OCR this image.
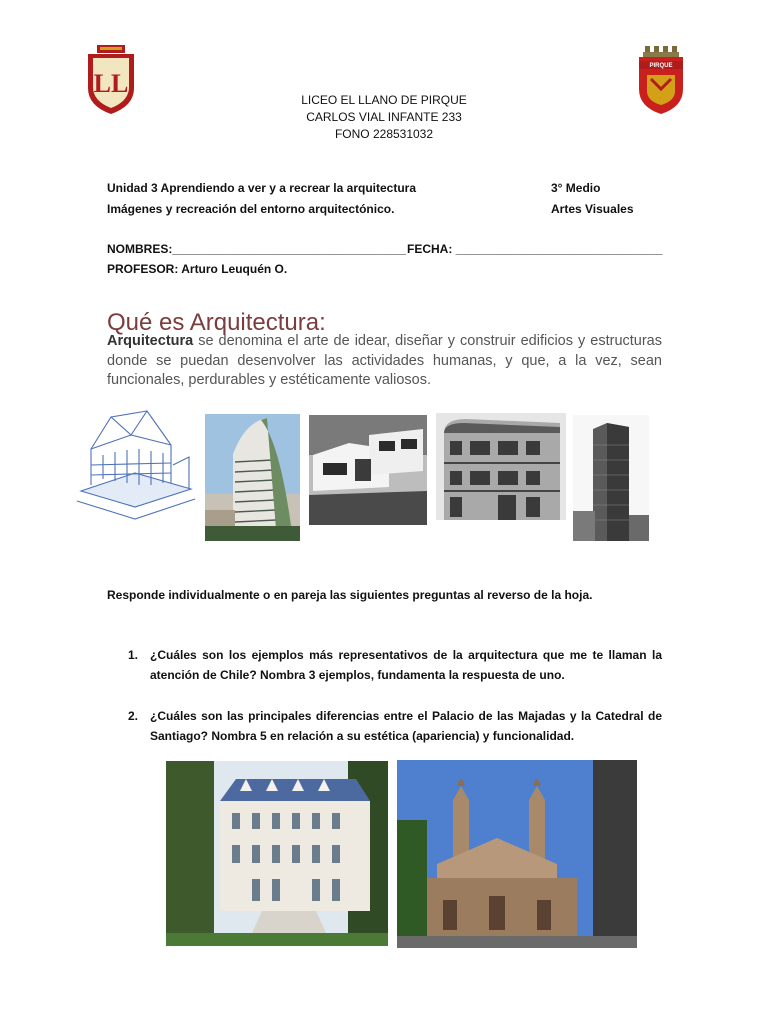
LL
PIRQUE
LICEO EL LLANO DE PIRQUE
CARLOS VIAL INFANTE 233
FONO 228531032
Unidad 3 Aprendiendo a ver y a recrear la arquitectura
Imágenes y recreación del entorno arquitectónico.
3° Medio
Artes Visuales
NOMBRES:___________________________________ FECHA: _______________________________
PROFESOR: Arturo Leuquén O.
Qué es Arquitectura:
Arquitectura se denomina el arte de idear, diseñar y construir edificios y estructuras donde se puedan desenvolver las actividades humanas, y que, a la vez, sean funcionales, perdurables y estéticamente valiosos.
Responde individualmente o en pareja las siguientes preguntas al reverso de la hoja.
1. ¿Cuáles son los ejemplos más representativos de la arquitectura que me te llaman la atención de Chile? Nombra 3 ejemplos, fundamenta la respuesta de uno.
2. ¿Cuáles son las principales diferencias entre el Palacio de las Majadas y la Catedral de Santiago? Nombra 5 en relación a su estética (apariencia) y funcionalidad.
